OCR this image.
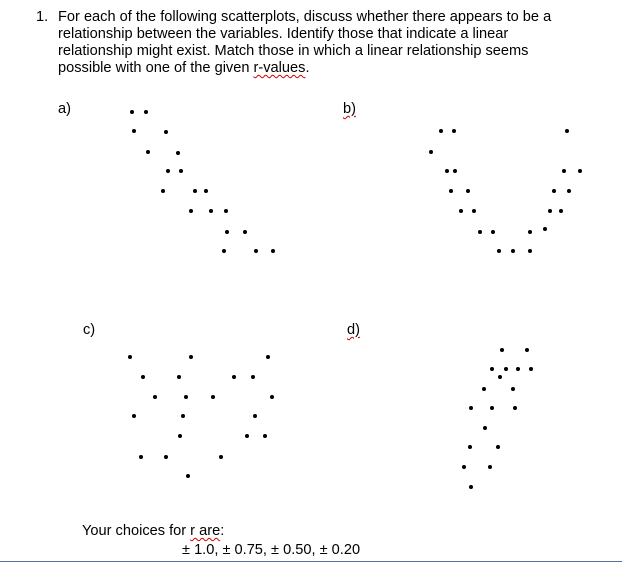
1. For each of the following scatterplots, discuss whether there appears to be a
relationship between the variables. Identify those that indicate a linear
relationship might exist. Match those in which a linear relationship seems
possible with one of the given r-values.
a)	b)
c)	d)
Your choices for r are:
± 1.0, ± 0.75, ± 0.50, ± 0.20
